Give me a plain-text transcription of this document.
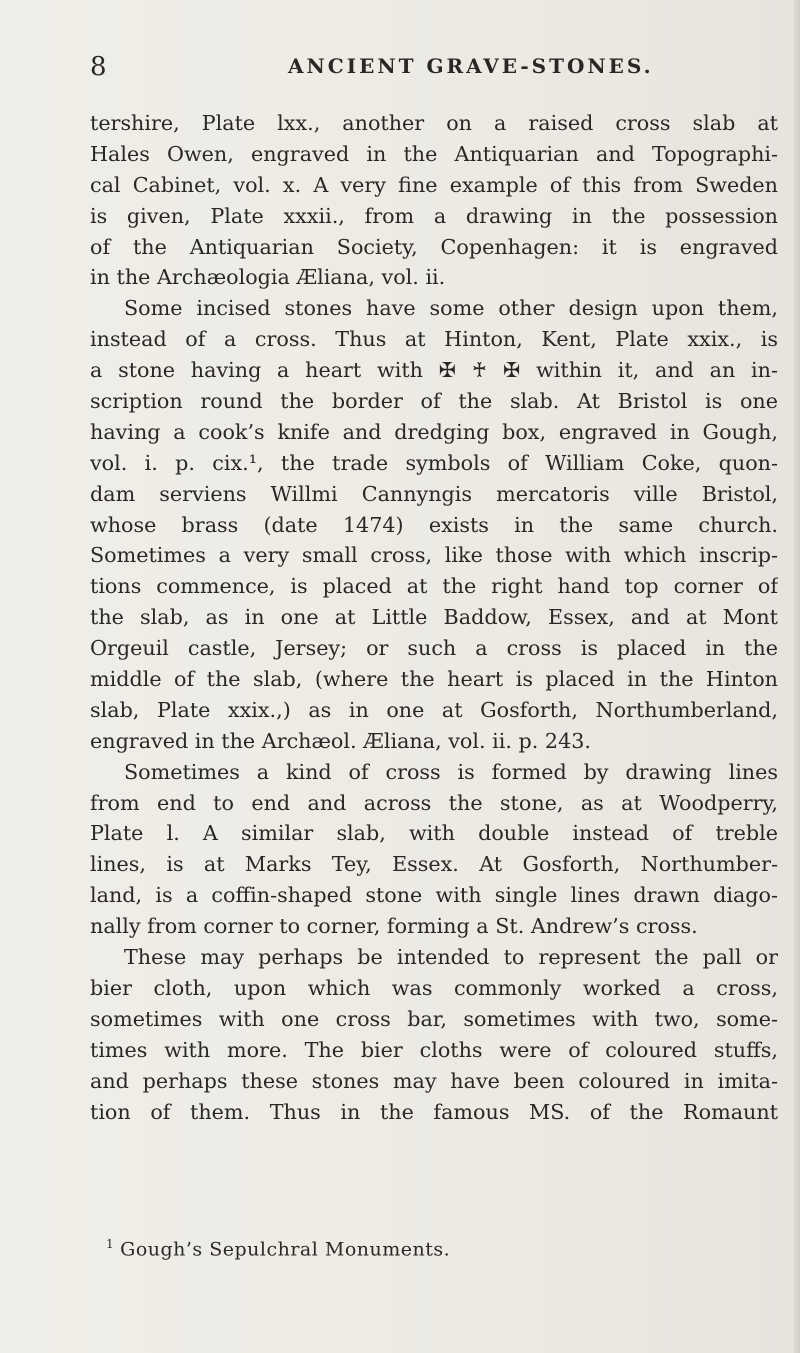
8	ANCIENT GRAVE-STONES.
tershire, Plate lxx., another on a raised cross slab at
Hales Owen, engraved in the Antiquarian and Topographi-
cal Cabinet, vol. x. A very fine example of this from Sweden
is given, Plate xxxii., from a drawing in the possession
of the Antiquarian Society, Copenhagen: it is engraved
in the Archæologia Æliana, vol. ii.
Some incised stones have some other design upon them,
instead of a cross. Thus at Hinton, Kent, Plate xxix., is
a stone having a heart with ✠ ♰ ✠ within it, and an in-
scription round the border of the slab. At Bristol is one
having a cook’s knife and dredging box, engraved in Gough,
vol. i. p. cix.¹, the trade symbols of William Coke, quon-
dam serviens Willmi Cannyngis mercatoris ville Bristol,
whose brass (date 1474) exists in the same church.
Sometimes a very small cross, like those with which inscrip-
tions commence, is placed at the right hand top corner of
the slab, as in one at Little Baddow, Essex, and at Mont
Orgeuil castle, Jersey; or such a cross is placed in the
middle of the slab, (where the heart is placed in the Hinton
slab, Plate xxix.,) as in one at Gosforth, Northumberland,
engraved in the Archæol. Æliana, vol. ii. p. 243.
Sometimes a kind of cross is formed by drawing lines
from end to end and across the stone, as at Woodperry,
Plate l. A similar slab, with double instead of treble
lines, is at Marks Tey, Essex. At Gosforth, Northumber-
land, is a coffin-shaped stone with single lines drawn diago-
nally from corner to corner, forming a St. Andrew’s cross.
These may perhaps be intended to represent the pall or
bier cloth, upon which was commonly worked a cross,
sometimes with one cross bar, sometimes with two, some-
times with more. The bier cloths were of coloured stuffs,
and perhaps these stones may have been coloured in imita-
tion of them. Thus in the famous MS. of the Romaunt
$^1$ Gough’s Sepulchral Monuments.
